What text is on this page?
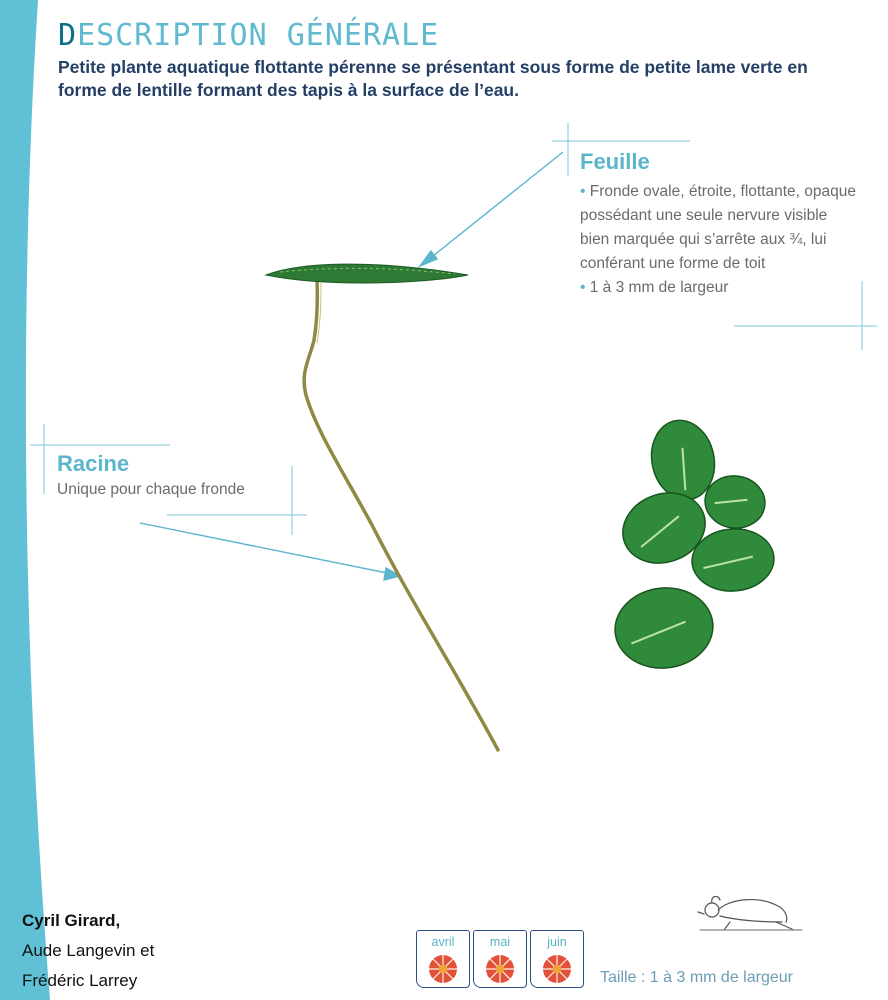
DESCRIPTION GÉNÉRALE

Petite plante aquatique flottante pérenne se présentant sous forme de petite lame verte en forme de lentille formant des tapis à la surface de l’eau.

Feuille
• Fronde ovale, étroite, flottante, opaque possédant une seule nervure visible bien marquée qui s’arrête aux ¾, lui conférant une forme de toit
• 1 à 3 mm de largeur
Racine
Unique pour chaque fronde
Cyril Girard,
Aude Langevin et
Frédéric Larrey
avril	mai	juin
Taille : 1 à 3 mm de largeur
